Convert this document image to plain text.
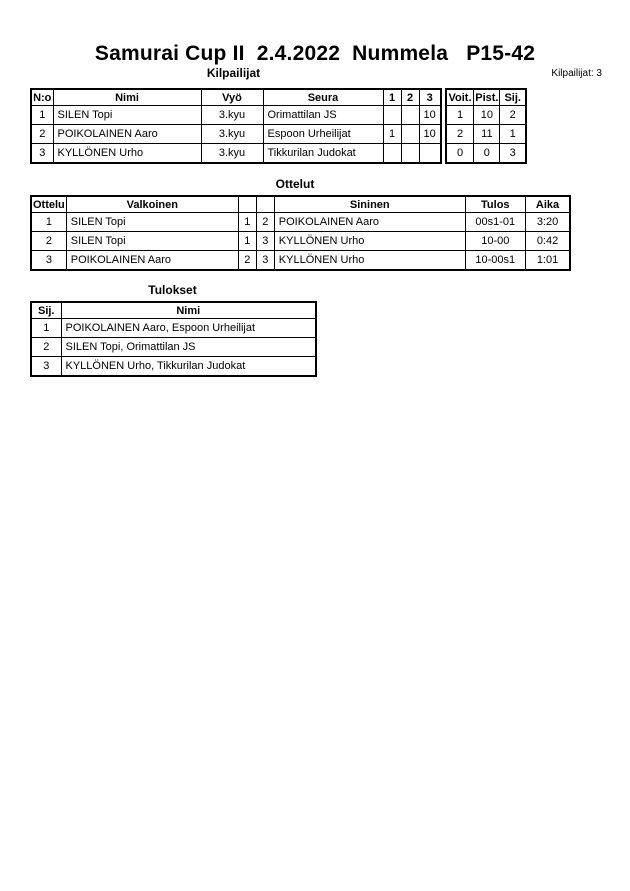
Samurai Cup II  2.4.2022  Nummela   P15-42
Kilpailijat: 3
Kilpailijat
N:o	Nimi	Vyö	Seura	1	2	3
1	SILEN Topi	3.kyu	Orimattilan JS			10
2	POIKOLAINEN Aaro	3.kyu	Espoon Urheilijat	1		10
3	KYLLÖNEN Urho	3.kyu	Tikkurilan Judokat			
Voit.	Pist.	Sij.
1	10	2
2	11	1
0	0	3
Ottelut
Ottelu	Valkoinen			Sininen	Tulos	Aika
1	SILEN Topi	1	2	POIKOLAINEN Aaro	00s1-01	3:20
2	SILEN Topi	1	3	KYLLÖNEN Urho	10-00	0:42
3	POIKOLAINEN Aaro	2	3	KYLLÖNEN Urho	10-00s1	1:01
Tulokset
Sij.	Nimi
1	POIKOLAINEN Aaro, Espoon Urheilijat
2	SILEN Topi, Orimattilan JS
3	KYLLÖNEN Urho, Tikkurilan Judokat
